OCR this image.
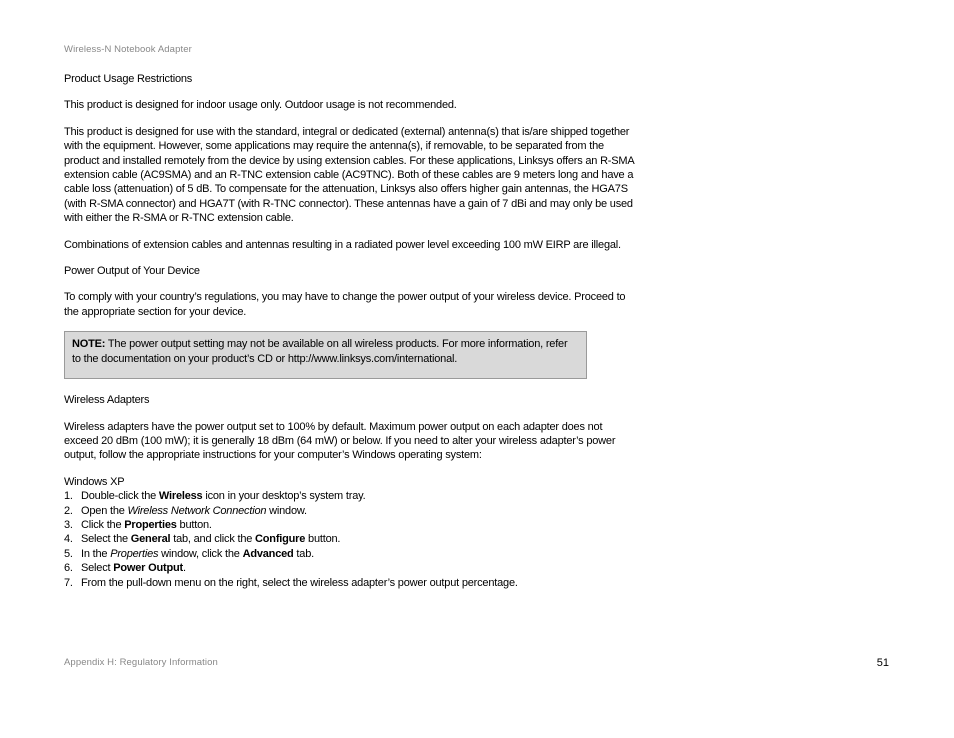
Wireless-N Notebook Adapter

Product Usage Restrictions

This product is designed for indoor usage only. Outdoor usage is not recommended.

This product is designed for use with the standard, integral or dedicated (external) antenna(s) that is/are shipped together with the equipment. However, some applications may require the antenna(s), if removable, to be separated from the product and installed remotely from the device by using extension cables. For these applications, Linksys offers an R-SMA extension cable (AC9SMA) and an R-TNC extension cable (AC9TNC). Both of these cables are 9 meters long and have a cable loss (attenuation) of 5 dB. To compensate for the attenuation, Linksys also offers higher gain antennas, the HGA7S (with R-SMA connector) and HGA7T (with R-TNC connector). These antennas have a gain of 7 dBi and may only be used with either the R-SMA or R-TNC extension cable.

Combinations of extension cables and antennas resulting in a radiated power level exceeding 100 mW EIRP are illegal.

Power Output of Your Device

To comply with your country’s regulations, you may have to change the power output of your wireless device. Proceed to the appropriate section for your device.

NOTE: The power output setting may not be available on all wireless products. For more information, refer to the documentation on your product’s CD or http://www.linksys.com/international.

Wireless Adapters

Wireless adapters have the power output set to 100% by default. Maximum power output on each adapter does not exceed 20 dBm (100 mW); it is generally 18 dBm (64 mW) or below. If you need to alter your wireless adapter’s power output, follow the appropriate instructions for your computer’s Windows operating system:

Windows XP
1. Double-click the Wireless icon in your desktop’s system tray.
2. Open the Wireless Network Connection window.
3. Click the Properties button.
4. Select the General tab, and click the Configure button.
5. In the Properties window, click the Advanced tab.
6. Select Power Output.
7. From the pull-down menu on the right, select the wireless adapter’s power output percentage.
Appendix H: Regulatory Information	51
